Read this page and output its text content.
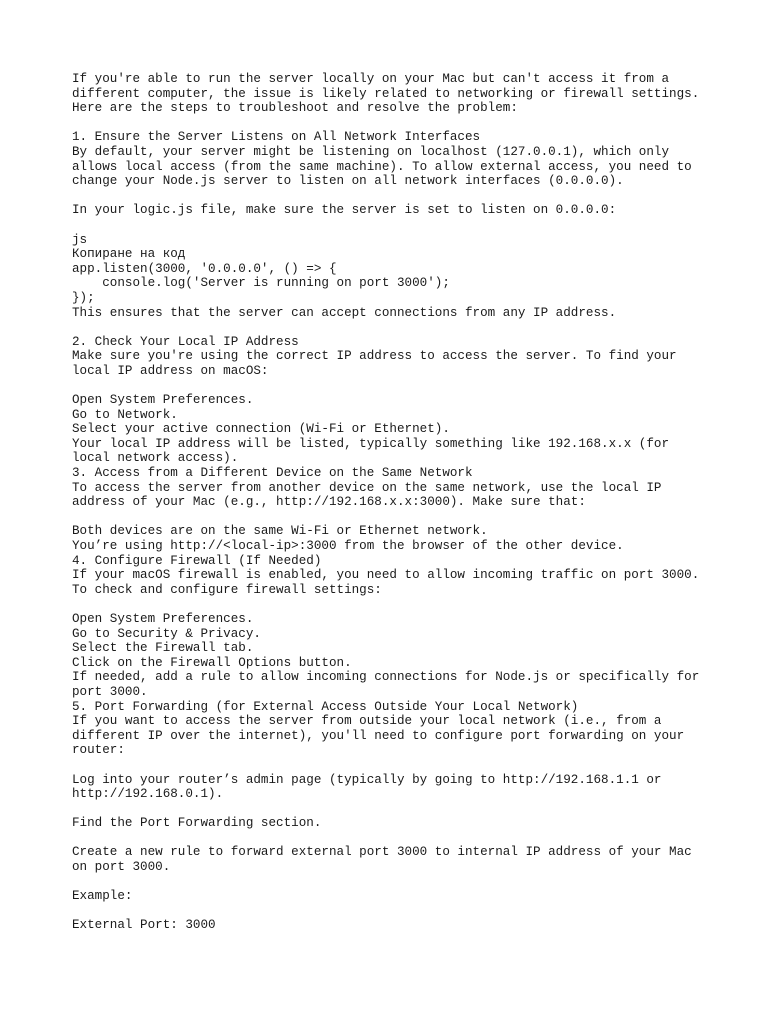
If you're able to run the server locally on your Mac but can't access it from a
different computer, the issue is likely related to networking or firewall settings.
Here are the steps to troubleshoot and resolve the problem:
1. Ensure the Server Listens on All Network Interfaces
By default, your server might be listening on localhost (127.0.0.1), which only
allows local access (from the same machine). To allow external access, you need to
change your Node.js server to listen on all network interfaces (0.0.0.0).
In your logic.js file, make sure the server is set to listen on 0.0.0.0:
js
Копиране на код
app.listen(3000, '0.0.0.0', () => {
console.log('Server is running on port 3000');
});
This ensures that the server can accept connections from any IP address.
2. Check Your Local IP Address
Make sure you're using the correct IP address to access the server. To find your
local IP address on macOS:
Open System Preferences.
Go to Network.
Select your active connection (Wi-Fi or Ethernet).
Your local IP address will be listed, typically something like 192.168.x.x (for
local network access).
3. Access from a Different Device on the Same Network
To access the server from another device on the same network, use the local IP
address of your Mac (e.g., http://192.168.x.x:3000). Make sure that:
Both devices are on the same Wi-Fi or Ethernet network.
You’re using http://<local-ip>:3000 from the browser of the other device.
4. Configure Firewall (If Needed)
If your macOS firewall is enabled, you need to allow incoming traffic on port 3000.
To check and configure firewall settings:
Open System Preferences.
Go to Security & Privacy.
Select the Firewall tab.
Click on the Firewall Options button.
If needed, add a rule to allow incoming connections for Node.js or specifically for
port 3000.
5. Port Forwarding (for External Access Outside Your Local Network)
If you want to access the server from outside your local network (i.e., from a
different IP over the internet), you'll need to configure port forwarding on your
router:
Log into your router’s admin page (typically by going to http://192.168.1.1 or
http://192.168.0.1).
Find the Port Forwarding section.
Create a new rule to forward external port 3000 to internal IP address of your Mac
on port 3000.
Example:
External Port: 3000
